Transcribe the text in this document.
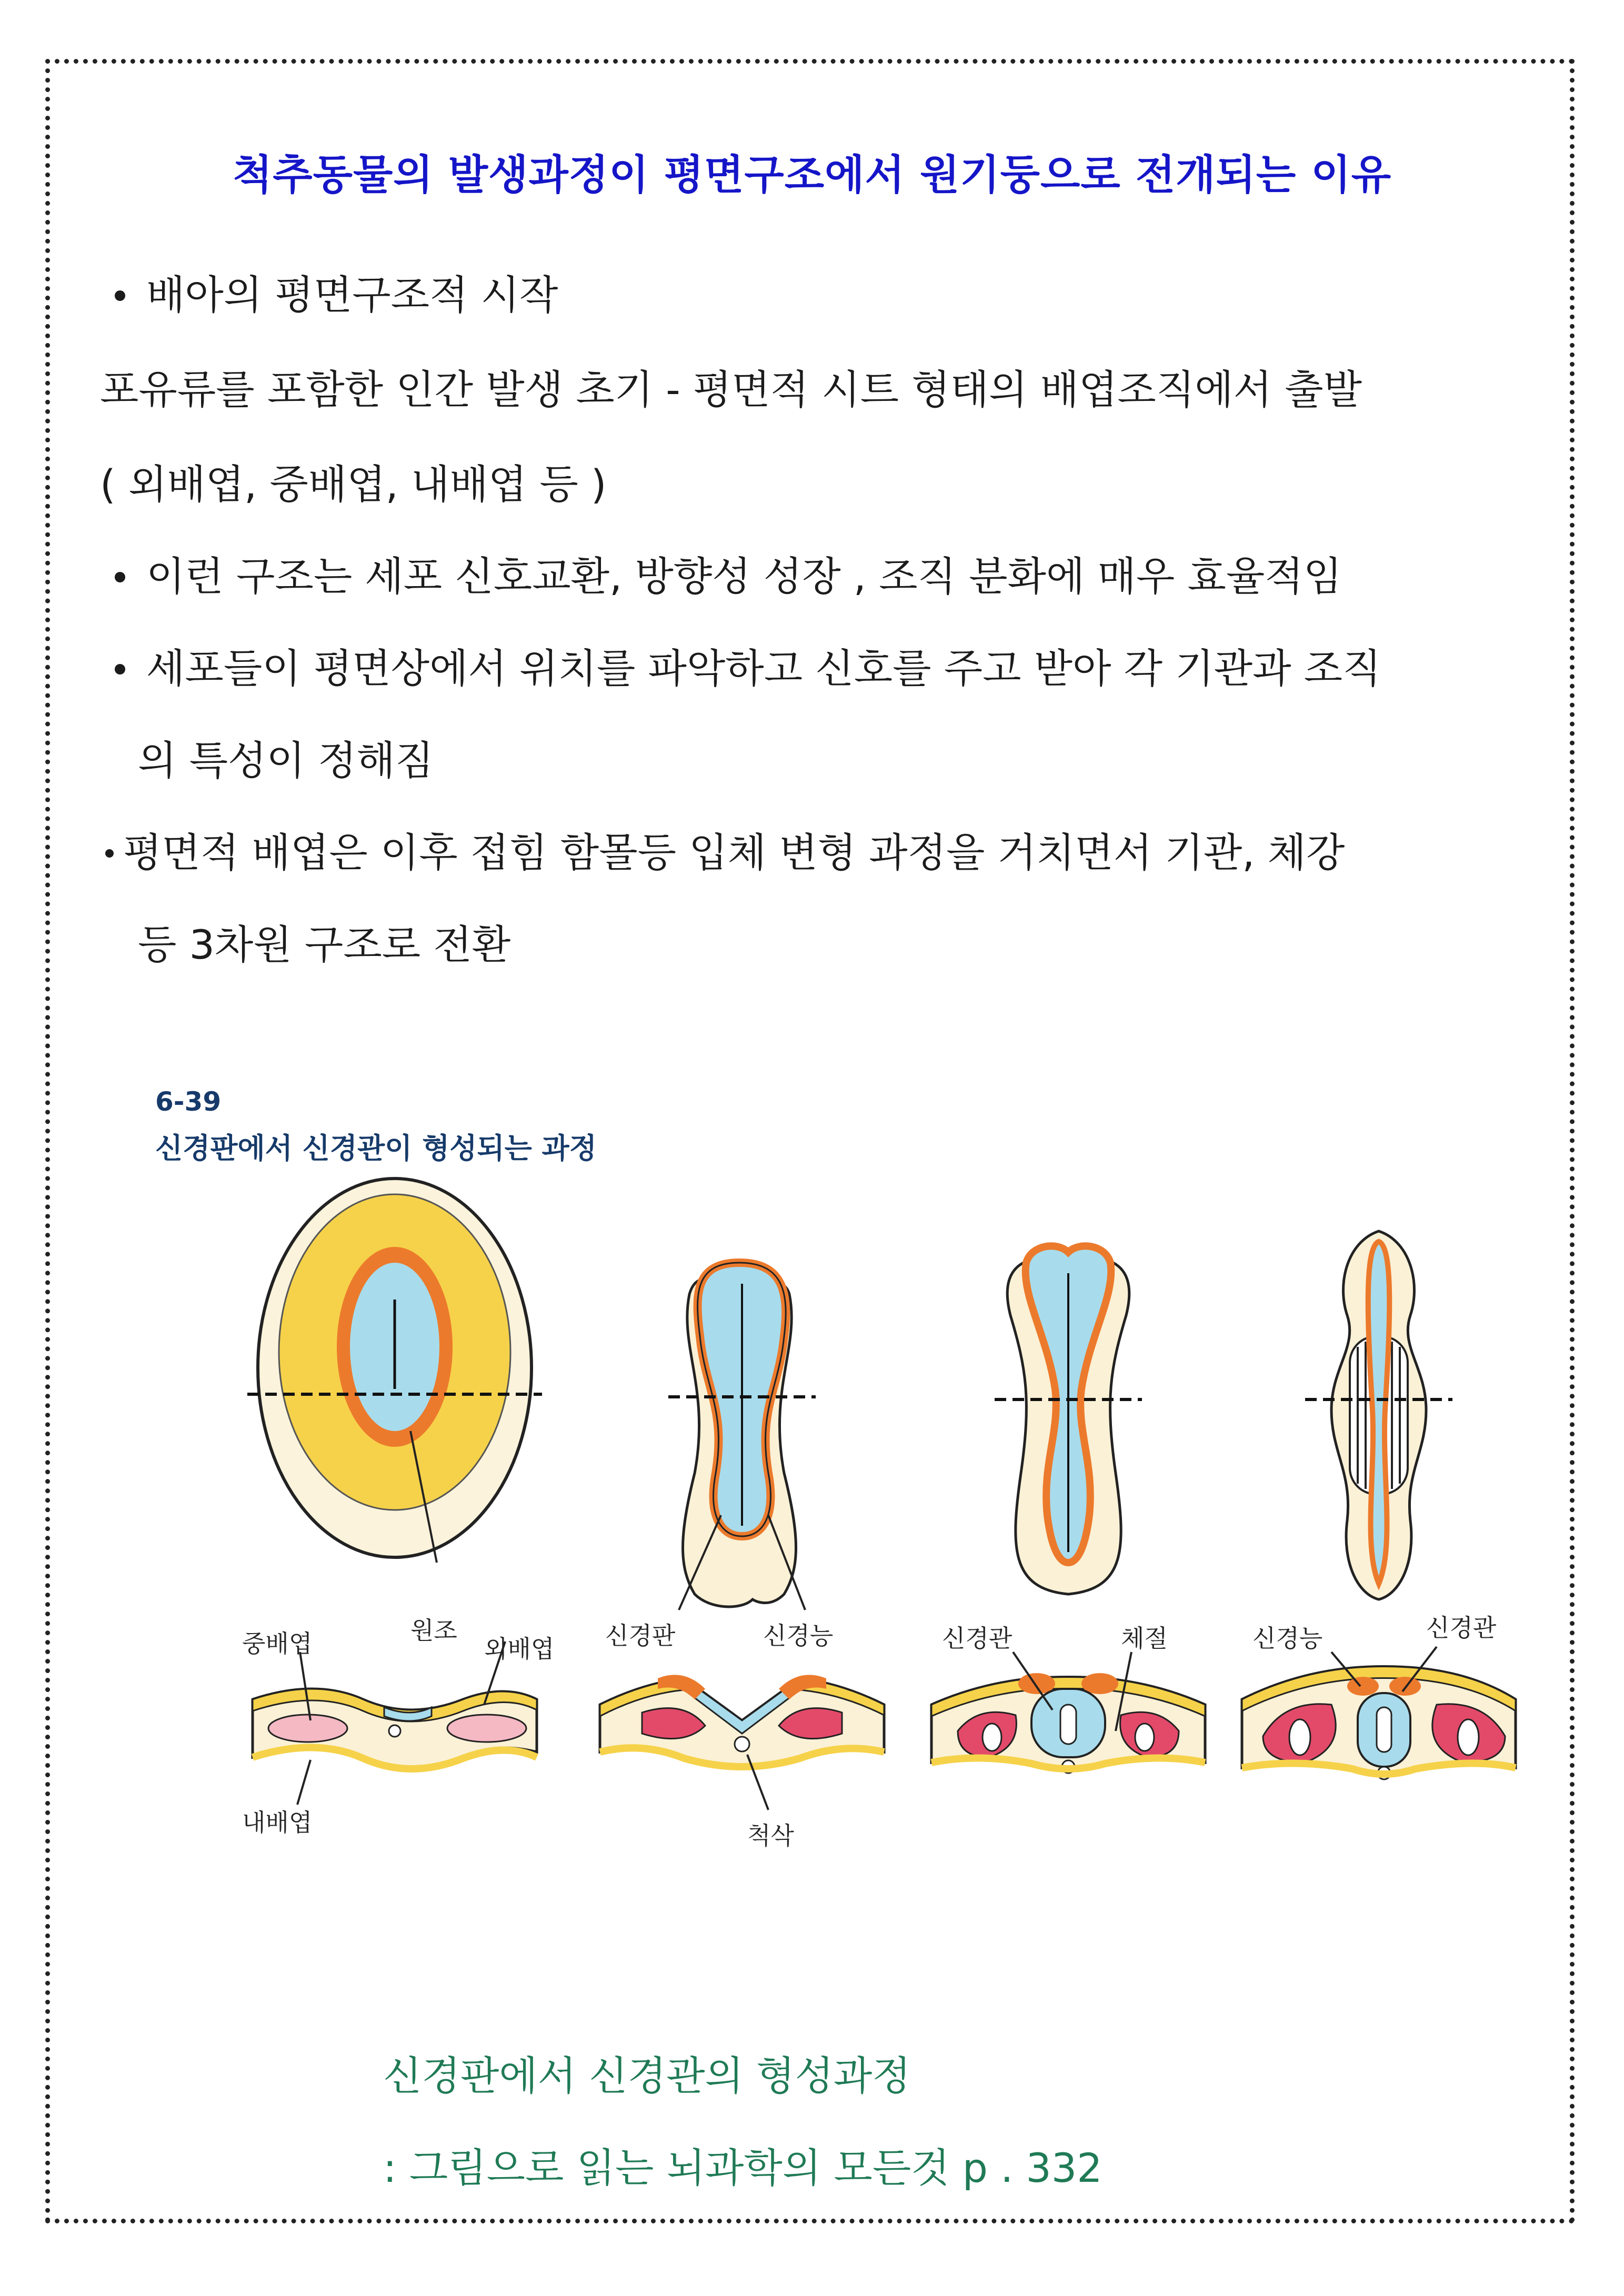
척추동물의 발생과정이 평면구조에서 원기둥으로 전개되는 이유
배아의 평면구조적 시작
포유류를 포함한 인간 발생 초기 - 평면적 시트 형태의 배엽조직에서 출발
( 외배엽, 중배엽, 내배엽 등 )
이런 구조는 세포 신호교환, 방향성 성장 , 조직 분화에 매우 효율적임
세포들이 평면상에서 위치를 파악하고 신호를 주고 받아 각 기관과 조직
의 특성이 정해짐
평면적 배엽은 이후 접힘 함몰등 입체 변형 과정을 거치면서 기관, 체강
등 3차원 구조로 전환
6-39
신경판에서 신경관이 형성되는 과정
원조
중배엽	외배엽
내배엽
신경판	신경능
척삭
신경관	체절	신경능	신경관
신경판에서 신경관의 형성과정
: 그림으로 읽는 뇌과학의 모든것 p . 332
